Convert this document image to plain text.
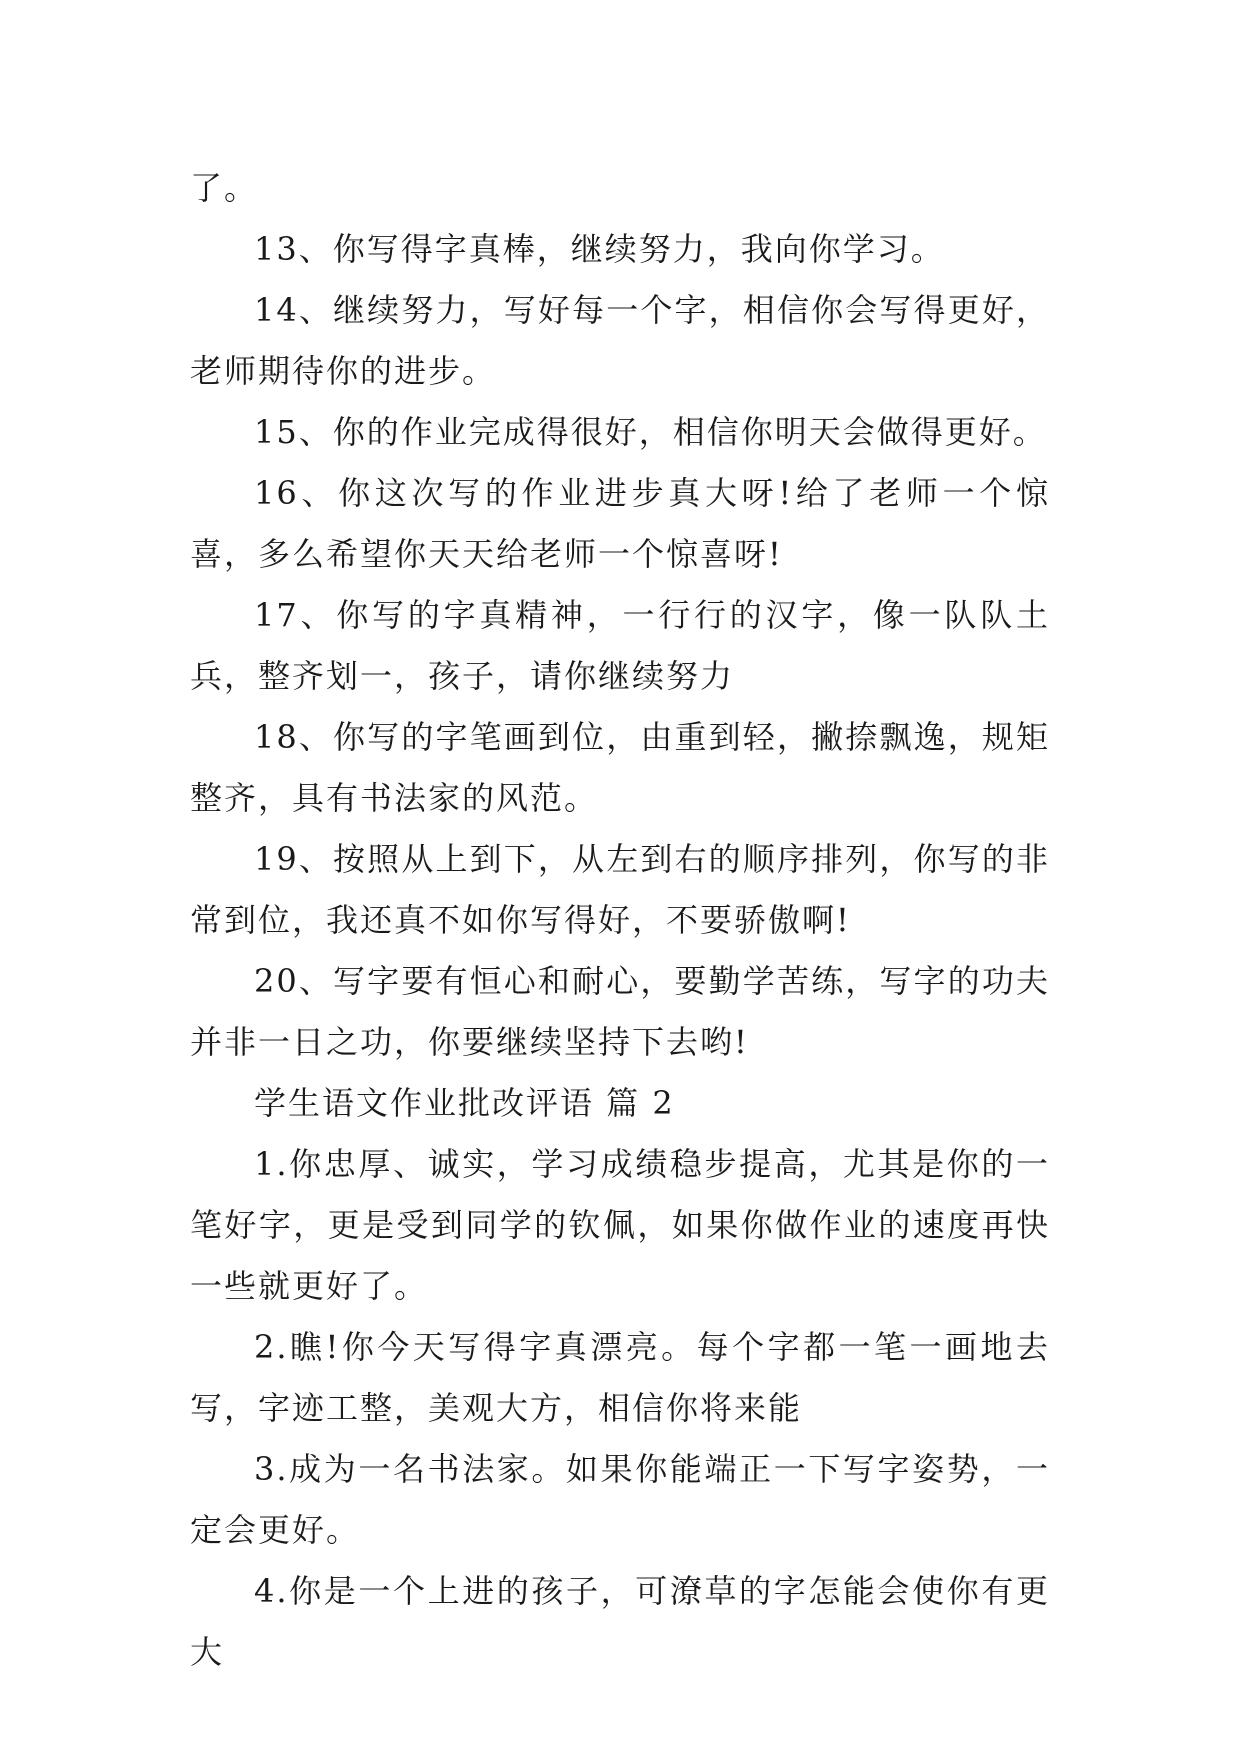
了。

13、你写得字真棒，继续努力，我向你学习。

14、继续努力，写好每一个字，相信你会写得更好，老师期待你的进步。

15、你的作业完成得很好，相信你明天会做得更好。

16、你这次写的作业进步真大呀!给了老师一个惊喜，多么希望你天天给老师一个惊喜呀!

17、你写的字真精神，一行行的汉字，像一队队土兵，整齐划一，孩子，请你继续努力

18、你写的字笔画到位，由重到轻，撇捺飘逸，规矩整齐，具有书法家的风范。

19、按照从上到下，从左到右的顺序排列，你写的非常到位，我还真不如你写得好，不要骄傲啊!

20、写字要有恒心和耐心，要勤学苦练，写字的功夫并非一日之功，你要继续坚持下去哟!

学生语文作业批改评语 篇 2

1.你忠厚、诚实，学习成绩稳步提高，尤其是你的一笔好字，更是受到同学的钦佩，如果你做作业的速度再快一些就更好了。

2.瞧!你今天写得字真漂亮。每个字都一笔一画地去写，字迹工整，美观大方，相信你将来能

3.成为一名书法家。如果你能端正一下写字姿势，一定会更好。

4.你是一个上进的孩子，可潦草的字怎能会使你有更大
